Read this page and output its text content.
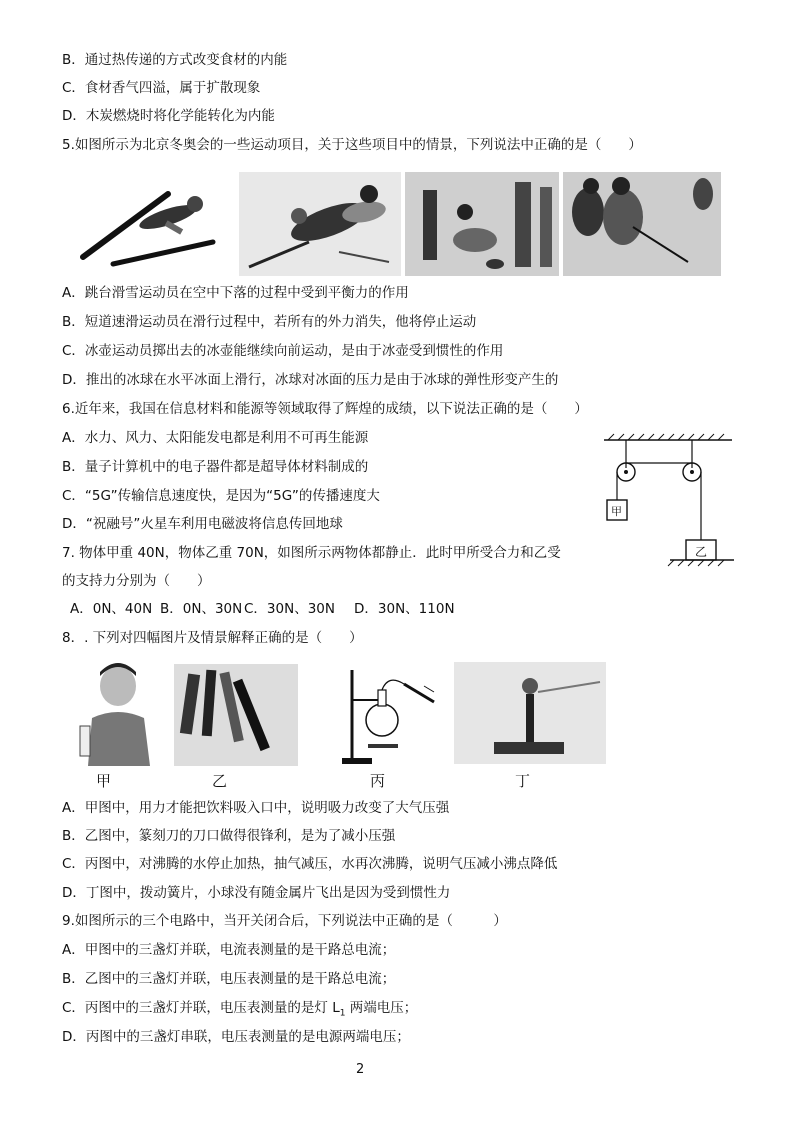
B．通过热传递的方式改变食材的内能
C．食材香气四溢，属于扩散现象
D．木炭燃烧时将化学能转化为内能
5.如图所示为北京冬奥会的一些运动项目，关于这些项目中的情景，下列说法中正确的是（　　）
A．跳台滑雪运动员在空中下落的过程中受到平衡力的作用
B．短道速滑运动员在滑行过程中，若所有的外力消失，他将停止运动
C．冰壶运动员掷出去的冰壶能继续向前运动，是由于冰壶受到惯性的作用
D．推出的冰球在水平冰面上滑行，冰球对冰面的压力是由于冰球的弹性形变产生的
6.近年来，我国在信息材料和能源等领域取得了辉煌的成绩，以下说法正确的是（　　）
A．水力、风力、太阳能发电都是利用不可再生能源
B．量子计算机中的电子器件都是超导体材料制成的
C．“5G”传输信息速度快，是因为“5G”的传播速度大
D．“祝融号”火星车利用电磁波将信息传回地球
甲
乙
7. 物体甲重 40N，物体乙重 70N，如图所示两物体都静止．此时甲所受合力和乙受
的支持力分别为（　　）
A．0N、40N B．0N、30N C．30N、30N D．30N、110N
8．. 下列对四幅图片及情景解释正确的是（　　）
甲	乙	丙	丁
A．甲图中，用力才能把饮料吸入口中，说明吸力改变了大气压强
B．乙图中，篆刻刀的刀口做得很锋利，是为了减小压强
C．丙图中，对沸腾的水停止加热，抽气减压，水再次沸腾，说明气压减小沸点降低
D．丁图中，拨动簧片，小球没有随金属片飞出是因为受到惯性力
9.如图所示的三个电路中，当开关闭合后，下列说法中正确的是（　　　）
A．甲图中的三盏灯并联，电流表测量的是干路总电流；
B．乙图中的三盏灯并联，电压表测量的是干路总电流；
C．丙图中的三盏灯并联，电压表测量的是灯 $L_1$ 两端电压；
D．丙图中的三盏灯串联，电压表测量的是电源两端电压；
2
